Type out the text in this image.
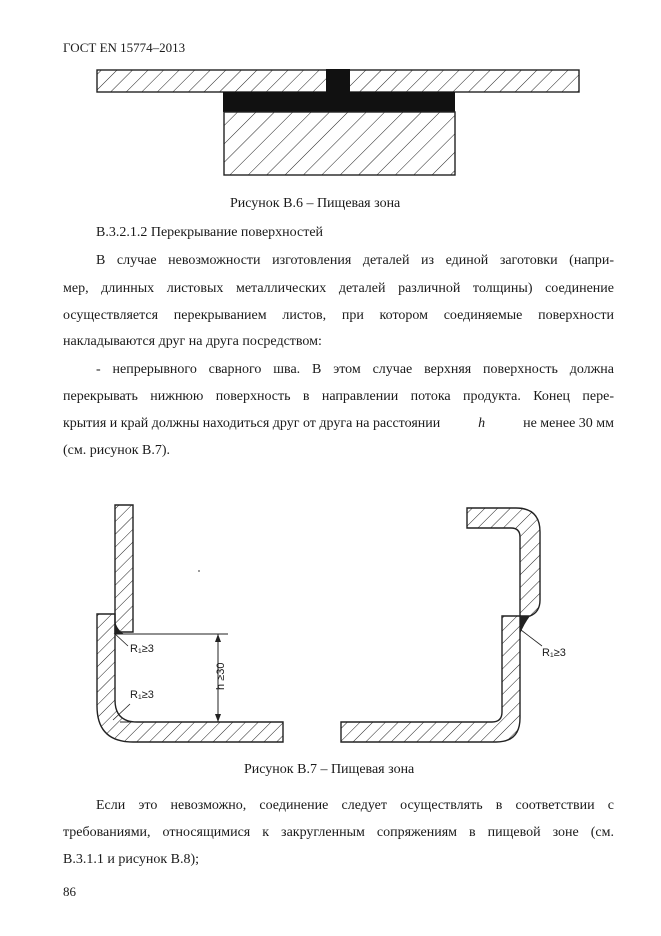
ГОСТ EN 15774–2013
Рисунок В.6 – Пищевая зона
В.3.2.1.2 Перекрывание поверхностей
В случае невозможности изготовления деталей из единой заготовки (напри-
мер, длинных листовых металлических деталей различной толщины) соединение
осуществляется перекрыванием листов, при котором соединяемые поверхности
накладываются друг на друга посредством:
- непрерывного сварного шва. В этом случае верхняя поверхность должна
перекрывать нижнюю поверхность в направлении потока продукта. Конец пере-
крытия и край должны находиться друг от друга на расстоянии	h	не менее 30 мм
(см. рисунок В.7).
R₁≥3
R₁≥3
h ≥30
R₁≥3
Рисунок В.7 – Пищевая зона
Если это невозможно, соединение следует осуществлять в соответствии с
требованиями, относящимися к закругленным сопряжениям в пищевой зоне (см.
В.3.1.1 и рисунок В.8);
86
